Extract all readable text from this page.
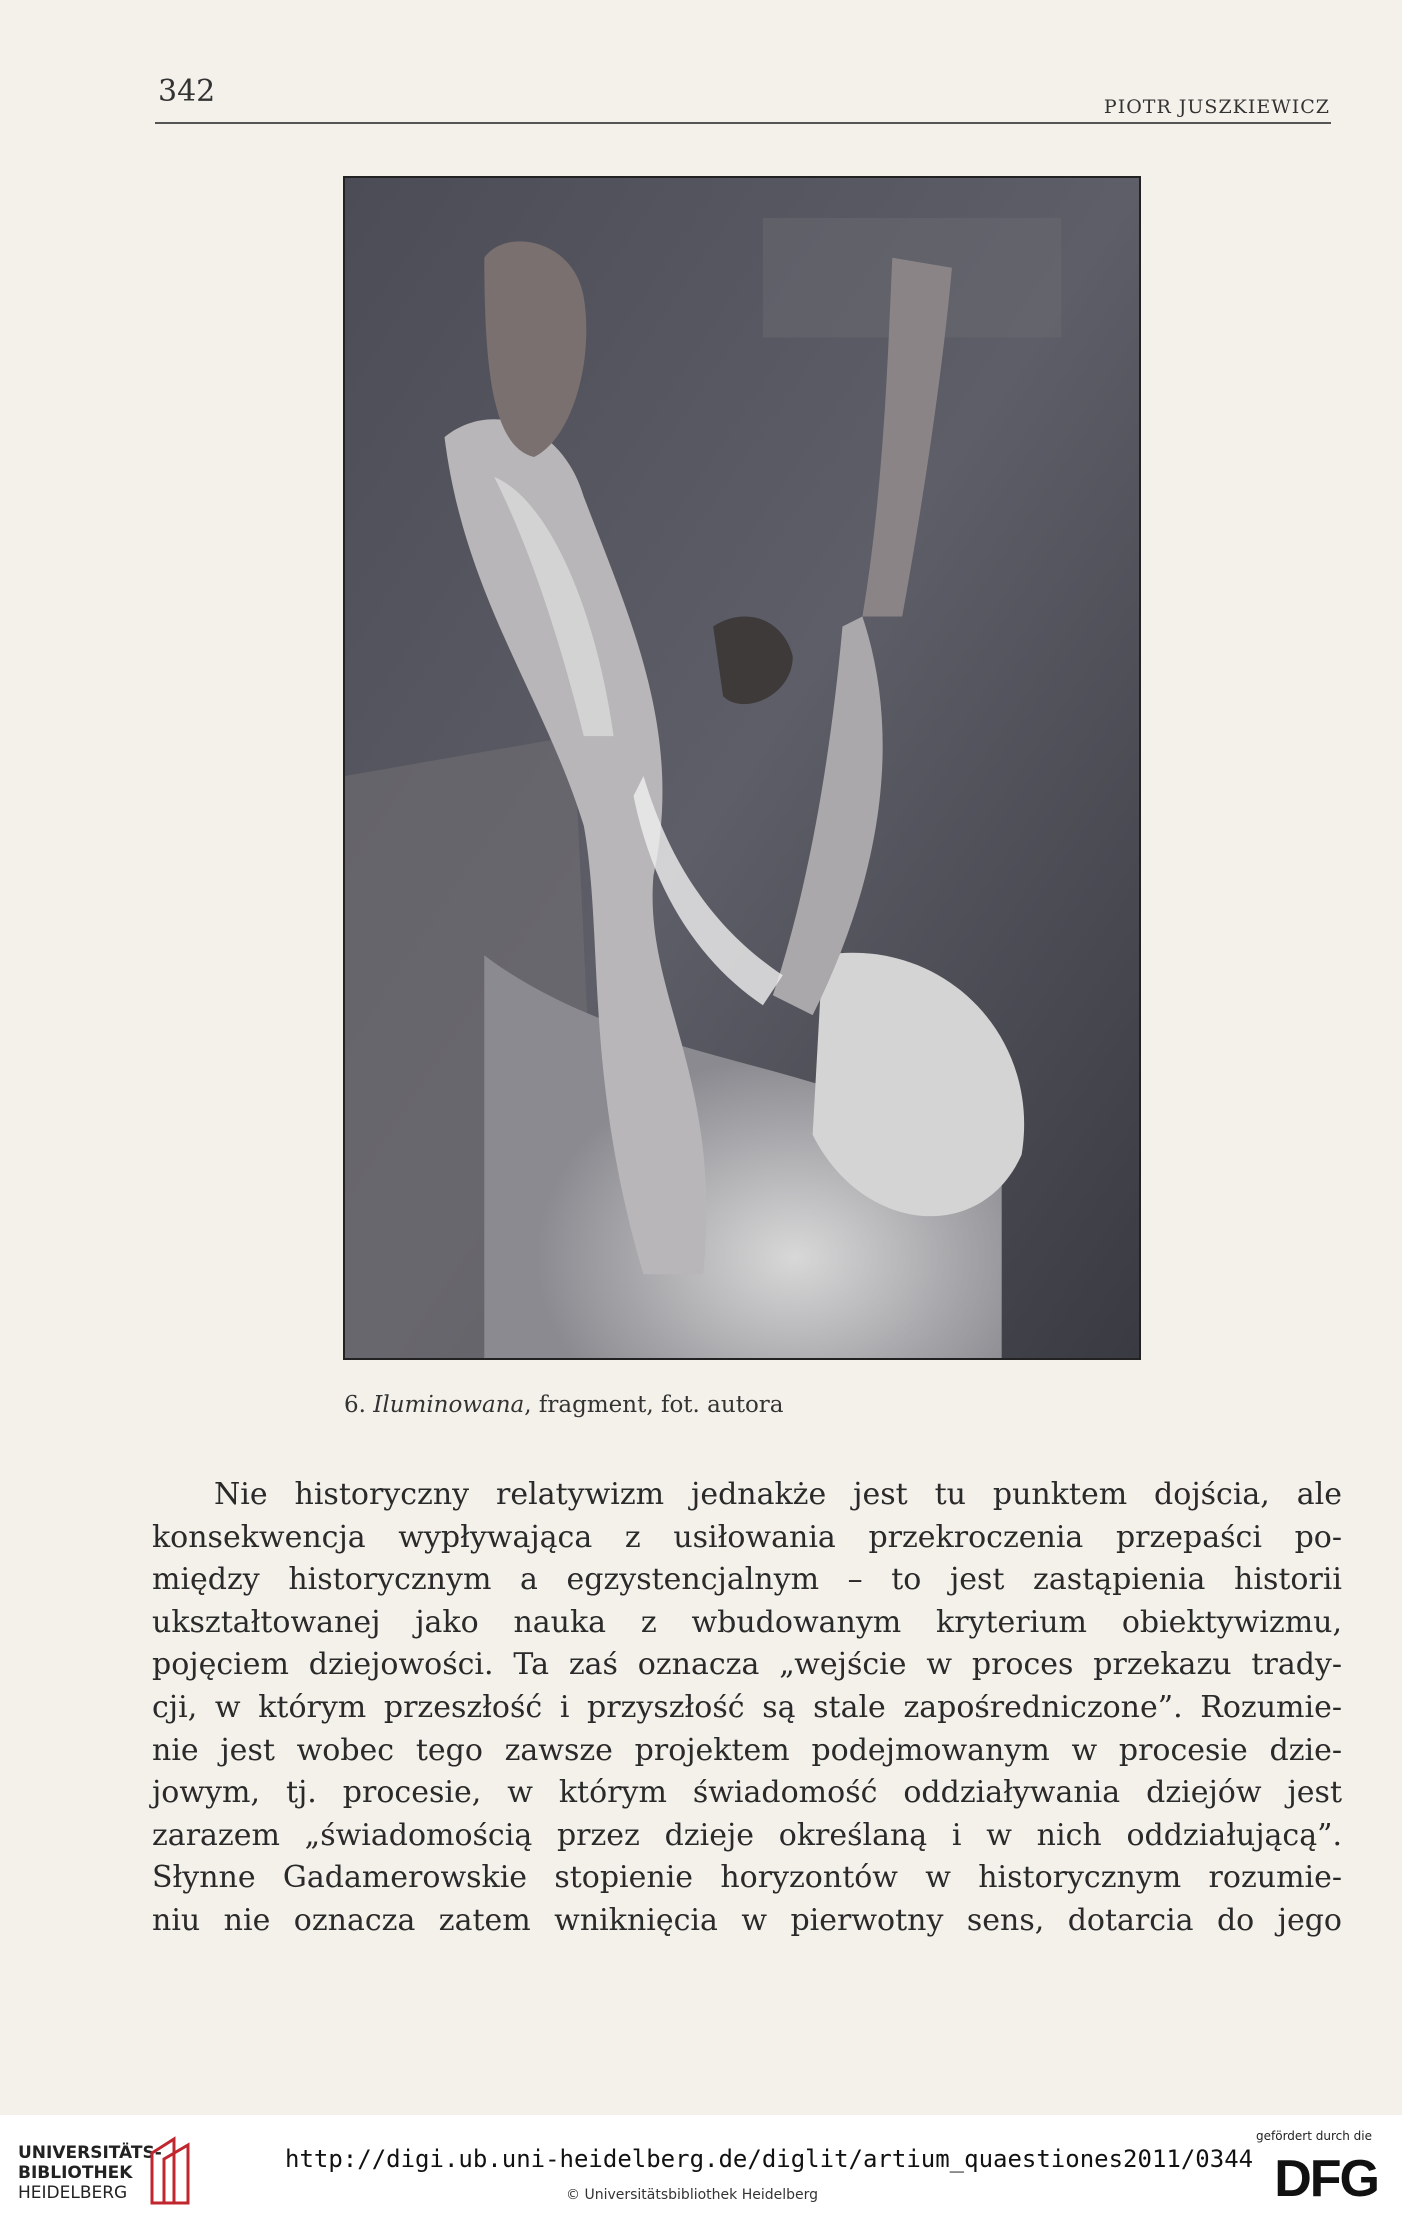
342	PIOTR JUSZKIEWICZ
6. Iluminowana, fragment, fot. autora
Nie historyczny relatywizm jednakże jest tu punktem dojścia, ale
konsekwencja wypływająca z usiłowania przekroczenia przepaści po-
między historycznym a egzystencjalnym – to jest zastąpienia historii
ukształtowanej jako nauka z wbudowanym kryterium obiektywizmu,
pojęciem dziejowości. Ta zaś oznacza „wejście w proces przekazu trady-
cji, w którym przeszłość i przyszłość są stale zapośredniczone”. Rozumie-
nie jest wobec tego zawsze projektem podejmowanym w procesie dzie-
jowym, tj. procesie, w którym świadomość oddziaływania dziejów jest
zarazem „świadomością przez dzieje określaną i w nich oddziałującą”.
Słynne Gadamerowskie stopienie horyzontów w historycznym rozumie-
niu nie oznacza zatem wniknięcia w pierwotny sens, dotarcia do jego
UNIVERSITÄTS-
BIBLIOTHEK
HEIDELBERG
http://digi.ub.uni-heidelberg.de/diglit/artium_quaestiones2011/0344
© Universitätsbibliothek Heidelberg
gefördert durch die
DFG
